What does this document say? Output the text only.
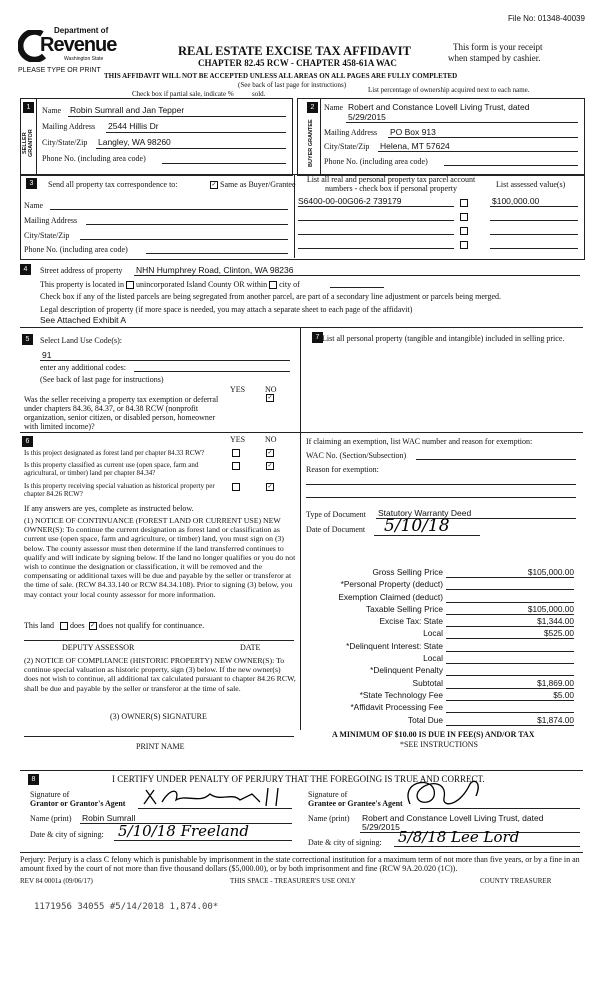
File No: 01348-40039
Department of
Revenue
Washington State
PLEASE TYPE OR PRINT
REAL ESTATE EXCISE TAX AFFIDAVIT
CHAPTER 82.45 RCW - CHAPTER 458-61A WAC
This form is your receipt
when stamped by cashier.
THIS AFFIDAVIT WILL NOT BE ACCEPTED UNLESS ALL AREAS ON ALL PAGES ARE FULLY COMPLETED
(See back of last page for instructions)
Check box if partial sale, indicate %	sold.	List percentage of ownership acquired next to each name.
1
SELLER GRANTOR
Name Robin Sumrall and Jan Tepper
Mailing Address 2544 Hillis Dr
City/State/Zip Langley, WA 98260
Phone No. (including area code)
2
BUYER GRANTEE
Name Robert and Constance Lovell Living Trust, dated
5/29/2015
Mailing Address PO Box 913
City/State/Zip Helena, MT 57624
Phone No. (including area code)
3	Send all property tax correspondence to:	✓ Same as Buyer/Grantee
Name
Mailing Address
City/State/Zip
Phone No. (including area code)
List all real and personal property tax parcel account
numbers - check box if personal property	List assessed value(s)
S6400-00-00G06-2 739179	$100,000.00
4	Street address of property NHN Humphrey Road, Clinton, WA 98236
This property is located in unincorporated Island County OR within city of
Check box if any of the listed parcels are being segregated from another parcel, are part of a secondary line adjustment or parcels being merged.
Legal description of property (if more space is needed, you may attach a separate sheet to each page of the affidavit)
See Attached Exhibit A
5	Select Land Use Code(s):
91
enter any additional codes:
(See back of last page for instructions)
YES NO
Was the seller receiving a property tax exemption or deferral under chapters 84.36, 84.37, or 84.38 RCW (nonprofit organization, senior citizen, or disabled person, homeowner with limited income)?
✓
6	YES NO
Is this project designated as forest land per chapter 84.33 RCW?	✓
Is this property classified as current use (open space, farm and agricultural, or timber) land per chapter 84.34?
✓
Is this property receiving special valuation as historical property per chapter 84.26 RCW?
✓
If any answers are yes, complete as instructed below.
(1) NOTICE OF CONTINUANCE (FOREST LAND OR CURRENT USE) NEW OWNER(S): To continue the current designation as forest land or classification as current use (open space, farm and agriculture, or timber) land, you must sign on (3) below. The county assessor must then determine if the land transferred continues to qualify and will indicate by signing below. If the land no longer qualifies or you do not wish to continue the designation or classification, it will be removed and the compensating or additional taxes will be due and payable by the seller or transferor at the time of sale. (RCW 84.33.140 or RCW 84.34.108). Prior to signing (3) below, you may contact your local county assessor for more information.
This land does ✓ does not qualify for continuance.
DEPUTY ASSESSOR	DATE
(2) NOTICE OF COMPLIANCE (HISTORIC PROPERTY) NEW OWNER(S): To continue special valuation as historic property, sign (3) below. If the new owner(s) does not wish to continue, all additional tax calculated pursuant to chapter 84.26 RCW, shall be due and payable by the seller or transferor at the time of sale.
(3) OWNER(S) SIGNATURE
PRINT NAME
7 List all personal property (tangible and intangible) included in selling price.
If claiming an exemption, list WAC number and reason for exemption:
WAC No. (Section/Subsection)
Reason for exemption:
Type of Document Statutory Warranty Deed
Date of Document 5/10/18
Gross Selling Price	$105,000.00
*Personal Property (deduct)
Exemption Claimed (deduct)
Taxable Selling Price	$105,000.00
Excise Tax: State	$1,344.00
Local	$525.00
*Delinquent Interest: State
Local
*Delinquent Penalty
Subtotal	$1,869.00
*State Technology Fee	$5.00
*Affidavit Processing Fee
Total Due	$1,874.00
A MINIMUM OF $10.00 IS DUE IN FEE(S) AND/OR TAX
*SEE INSTRUCTIONS
8	I CERTIFY UNDER PENALTY OF PERJURY THAT THE FOREGOING IS TRUE AND CORRECT.
Signature of
Grantor or Grantor's Agent
Name (print) Robin Sumrall
Date & city of signing: 5/10/18 Freeland
Signature of
Grantee or Grantee's Agent
Name (print) Robert and Constance Lovell Living Trust, dated
5/29/2015
Date & city of signing: 5/8/18 Lee Lord
Perjury: Perjury is a class C felony which is punishable by imprisonment in the state correctional institution for a maximum term of not more than five years, or by a fine in an amount fixed by the court of not more than five thousand dollars ($5,000.00), or by both imprisonment and fine (RCW 9A.20.020 (1C)).
REV 84 0001a (09/06/17)	THIS SPACE - TREASURER'S USE ONLY	COUNTY TREASURER
1171956 34055 #5/14/2018 1,874.00*
